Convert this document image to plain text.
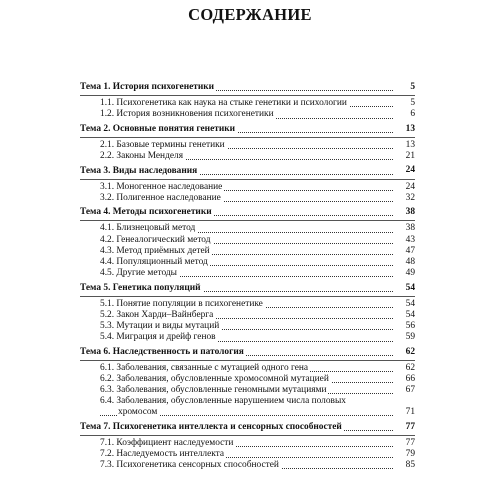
СОДЕРЖАНИЕ
Тема 1. История психогенетики	5
1.1. Психогенетика как наука на стыке генетики и психологии	5
1.2. История возникновения психогенетики	6
Тема 2. Основные понятия генетики	13
2.1. Базовые термины генетики	13
2.2. Законы Менделя	21
Тема 3. Виды наследования	24
3.1. Моногенное наследование	24
3.2. Полигенное наследование	32
Тема 4. Методы психогенетики	38
4.1. Близнецовый метод	38
4.2. Генеалогический метод	43
4.3. Метод приёмных детей	47
4.4. Популяционный метод	48
4.5. Другие методы	49
Тема 5. Генетика популяций	54
5.1. Понятие популяции в психогенетике	54
5.2. Закон Харди–Вайнберга	54
5.3. Мутации и виды мутаций	56
5.4. Миграция и дрейф генов	59
Тема 6. Наследственность и патология	62
6.1. Заболевания, связанные с мутацией одного гена	62
6.2. Заболевания, обусловленные хромосомной мутацией	66
6.3. Заболевания, обусловленные геномными мутациями	67
6.4. Заболевания, обусловленные нарушением числа половых
хромосом	71
Тема 7. Психогенетика интеллекта и сенсорных способностей	77
7.1. Коэффициент наследуемости	77
7.2. Наследуемость интеллекта	79
7.3. Психогенетика сенсорных способностей	85
